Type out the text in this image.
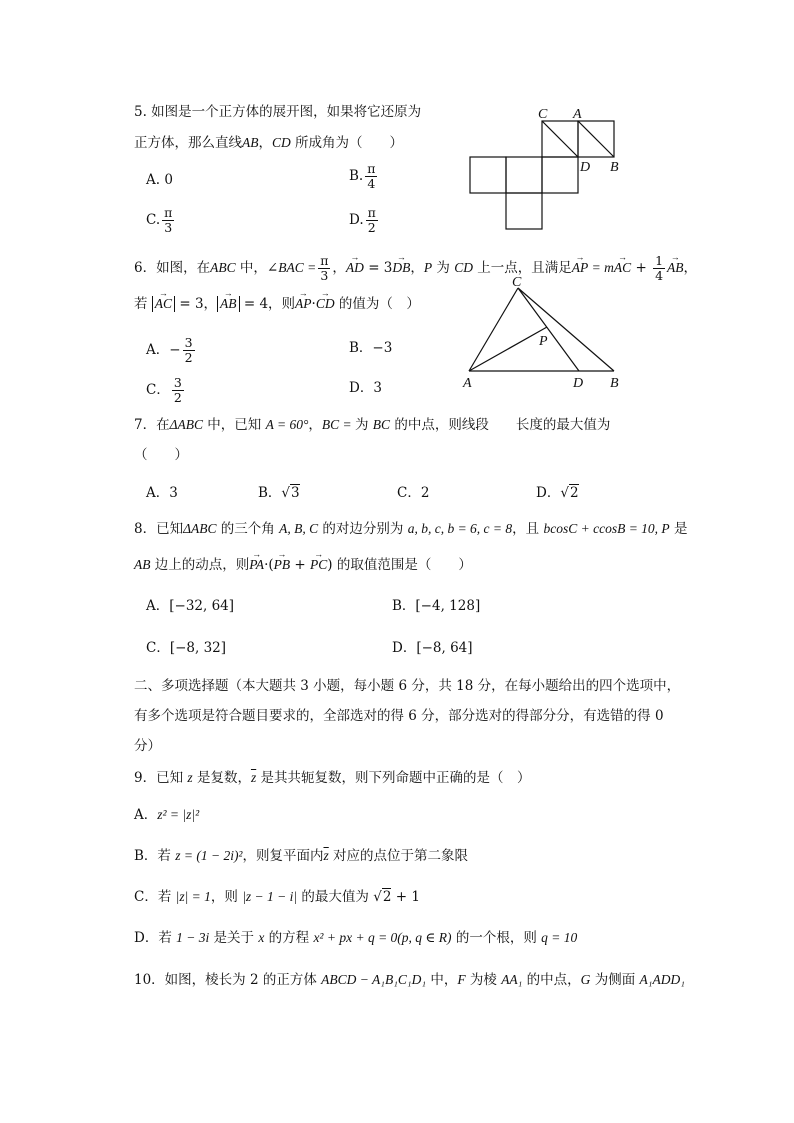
5. 如图是一个正方体的展开图，如果将它还原为
正方体，那么直线AB，CD 所成角为（　　）
A. 0	B. $\frac{\pi}{4}$
C. $\frac{\pi}{3}$	D. $\frac{\pi}{2}$
C A
D B
6．如图，在ABC 中，∠BAC = $\frac{\pi}{3}$ ，→ AD = 3→ DB，P 为 CD 上一点，且满足→ AP = m→ AC + $\frac{1}{4}$ → AB，
若 → AC = 3， → AB = 4，则→ AP·→ CD 的值为（　）
A．− $\frac{3}{2}$	B．−3
C． $\frac{3}{2}$	D．3
C
P
A	D B
7．在ΔABC 中，已知 A = 60°，BC = 为 BC 的中点，则线段　　长度的最大值为
（　　）
A．3	B．√3	C．2	D．√2
8．已知ΔABC 的三个角 A, B, C 的对边分别为 a, b, c, b = 6, c = 8，且 bcosC + ccosB = 10, P 是
AB 边上的动点，则→ PA·(→ PB + → PC) 的取值范围是（　　）
A．[−32, 64]	B．[−4, 128]
C．[−8, 32]	D．[−8, 64]
二、多项选择题（本大题共 3 小题，每小题 6 分，共 18 分，在每小题给出的四个选项中，
有多个选项是符合题目要求的，全部选对的得 6 分，部分选对的得部分分，有选错的得 0
分）
9．已知 z 是复数，$\overline{z}$ 是其共轭复数，则下列命题中正确的是（　）
A．z² = |z|²
B．若 z = (1 − 2i)²，则复平面内$\overline{z}$ 对应的点位于第二象限
C．若 |z| = 1，则 |z − 1 − i| 的最大值为 √2 + 1
D．若 1 − 3i 是关于 x 的方程 x² + px + q = 0(p, q ∈ R) 的一个根，则 q = 10
10．如图，棱长为 2 的正方体 ABCD − A₁B₁C₁D₁ 中，F 为棱 AA₁ 的中点，G 为侧面 A₁ADD₁
